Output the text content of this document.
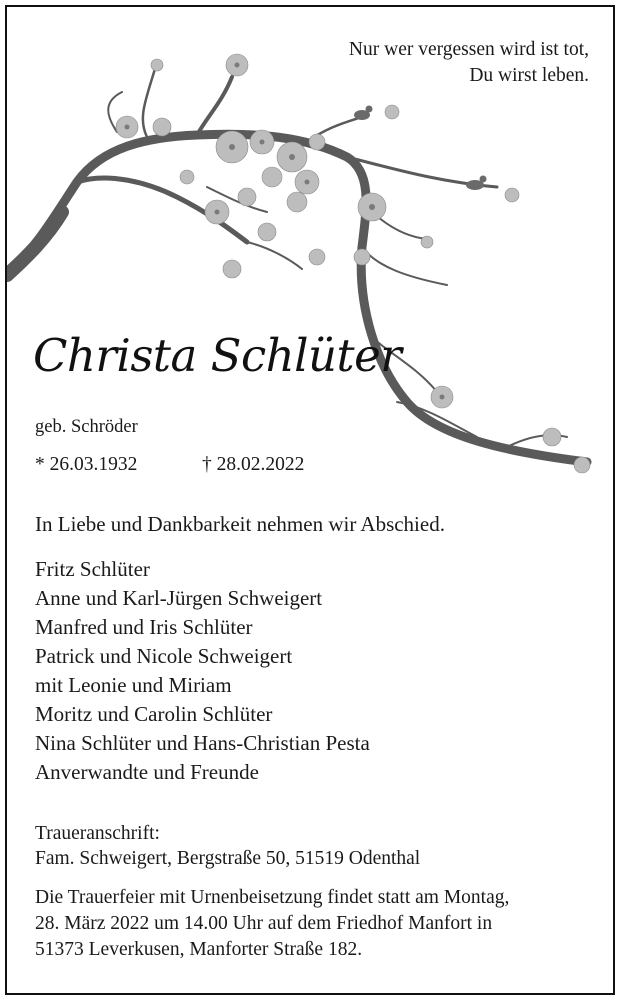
Nur wer vergessen wird ist tot,
Du wirst leben.
Christa Schlüter
geb. Schröder
* 26.03.1932	† 28.02.2022
In Liebe und Dankbarkeit nehmen wir Abschied.
Fritz Schlüter
Anne und Karl-Jürgen Schweigert
Manfred und Iris Schlüter
Patrick und Nicole Schweigert
mit Leonie und Miriam
Moritz und Carolin Schlüter
Nina Schlüter und Hans-Christian Pesta
Anverwandte und Freunde
Traueranschrift:
Fam. Schweigert, Bergstraße 50, 51519 Odenthal
Die Trauerfeier mit Urnenbeisetzung findet statt am Montag,
28. März 2022 um 14.00 Uhr auf dem Friedhof Manfort in
51373 Leverkusen, Manforter Straße 182.
